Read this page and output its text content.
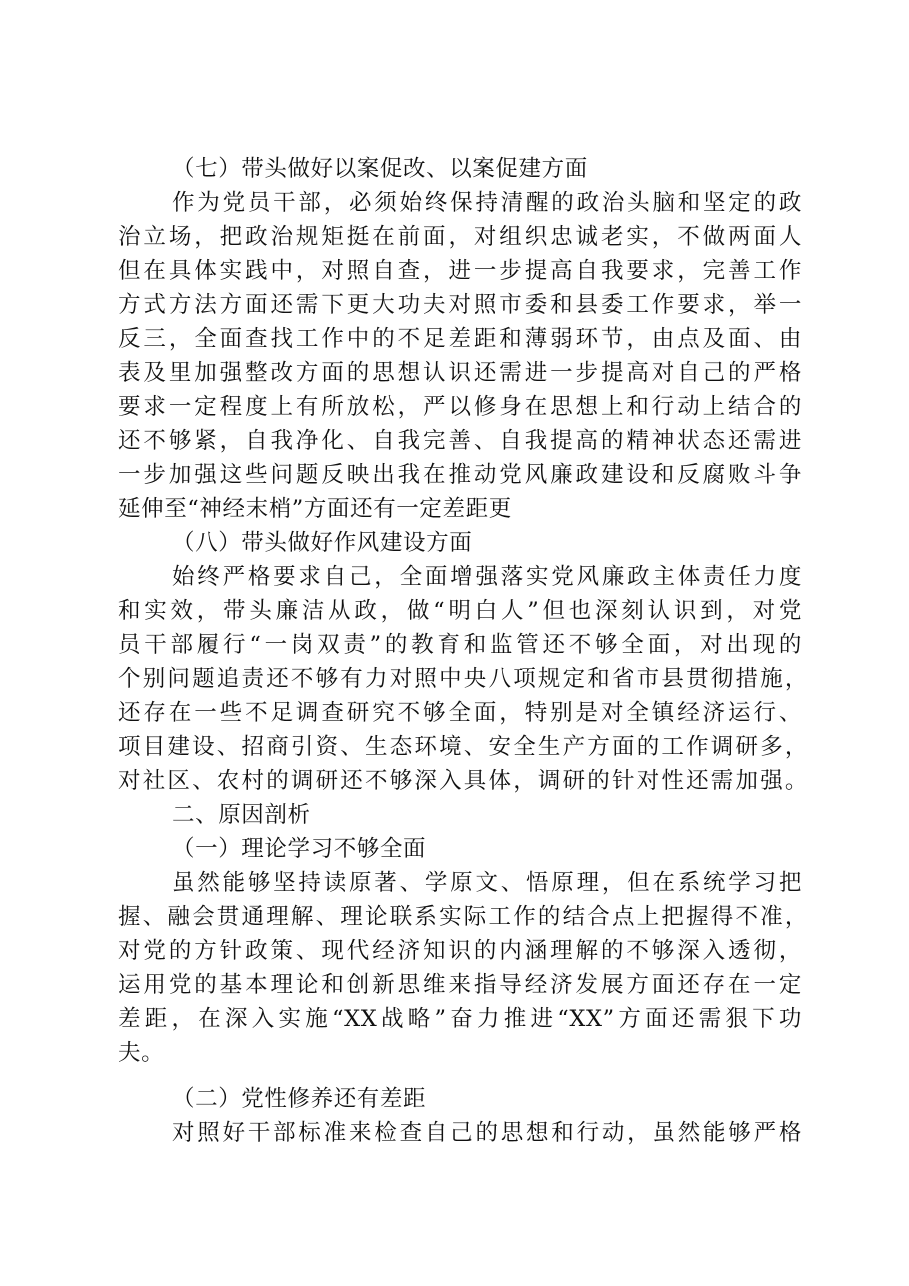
（七）带头做好以案促改、以案促建方面
作为党员干部，必须始终保持清醒的政治头脑和坚定的政
治立场，把政治规矩挺在前面，对组织忠诚老实，不做两面人
但在具体实践中，对照自查，进一步提高自我要求，完善工作
方式方法方面还需下更大功夫对照市委和县委工作要求，举一
反三，全面查找工作中的不足差距和薄弱环节，由点及面、由
表及里加强整改方面的思想认识还需进一步提高对自己的严格
要求一定程度上有所放松，严以修身在思想上和行动上结合的
还不够紧，自我净化、自我完善、自我提高的精神状态还需进
一步加强这些问题反映出我在推动党风廉政建设和反腐败斗争
延伸至“神经末梢”方面还有一定差距更
（八）带头做好作风建设方面
始终严格要求自己，全面增强落实党风廉政主体责任力度
和实效，带头廉洁从政，做“明白人”但也深刻认识到，对党
员干部履行“一岗双责”的教育和监管还不够全面，对出现的
个别问题追责还不够有力对照中央八项规定和省市县贯彻措施，
还存在一些不足调查研究不够全面，特别是对全镇经济运行、
项目建设、招商引资、生态环境、安全生产方面的工作调研多，
对社区、农村的调研还不够深入具体，调研的针对性还需加强。
二、原因剖析
（一）理论学习不够全面
虽然能够坚持读原著、学原文、悟原理，但在系统学习把
握、融会贯通理解、理论联系实际工作的结合点上把握得不准，
对党的方针政策、现代经济知识的内涵理解的不够深入透彻，
运用党的基本理论和创新思维来指导经济发展方面还存在一定
差距，在深入实施“XX战略”奋力推进“XX”方面还需狠下功
夫。
（二）党性修养还有差距
对照好干部标准来检查自己的思想和行动，虽然能够严格
